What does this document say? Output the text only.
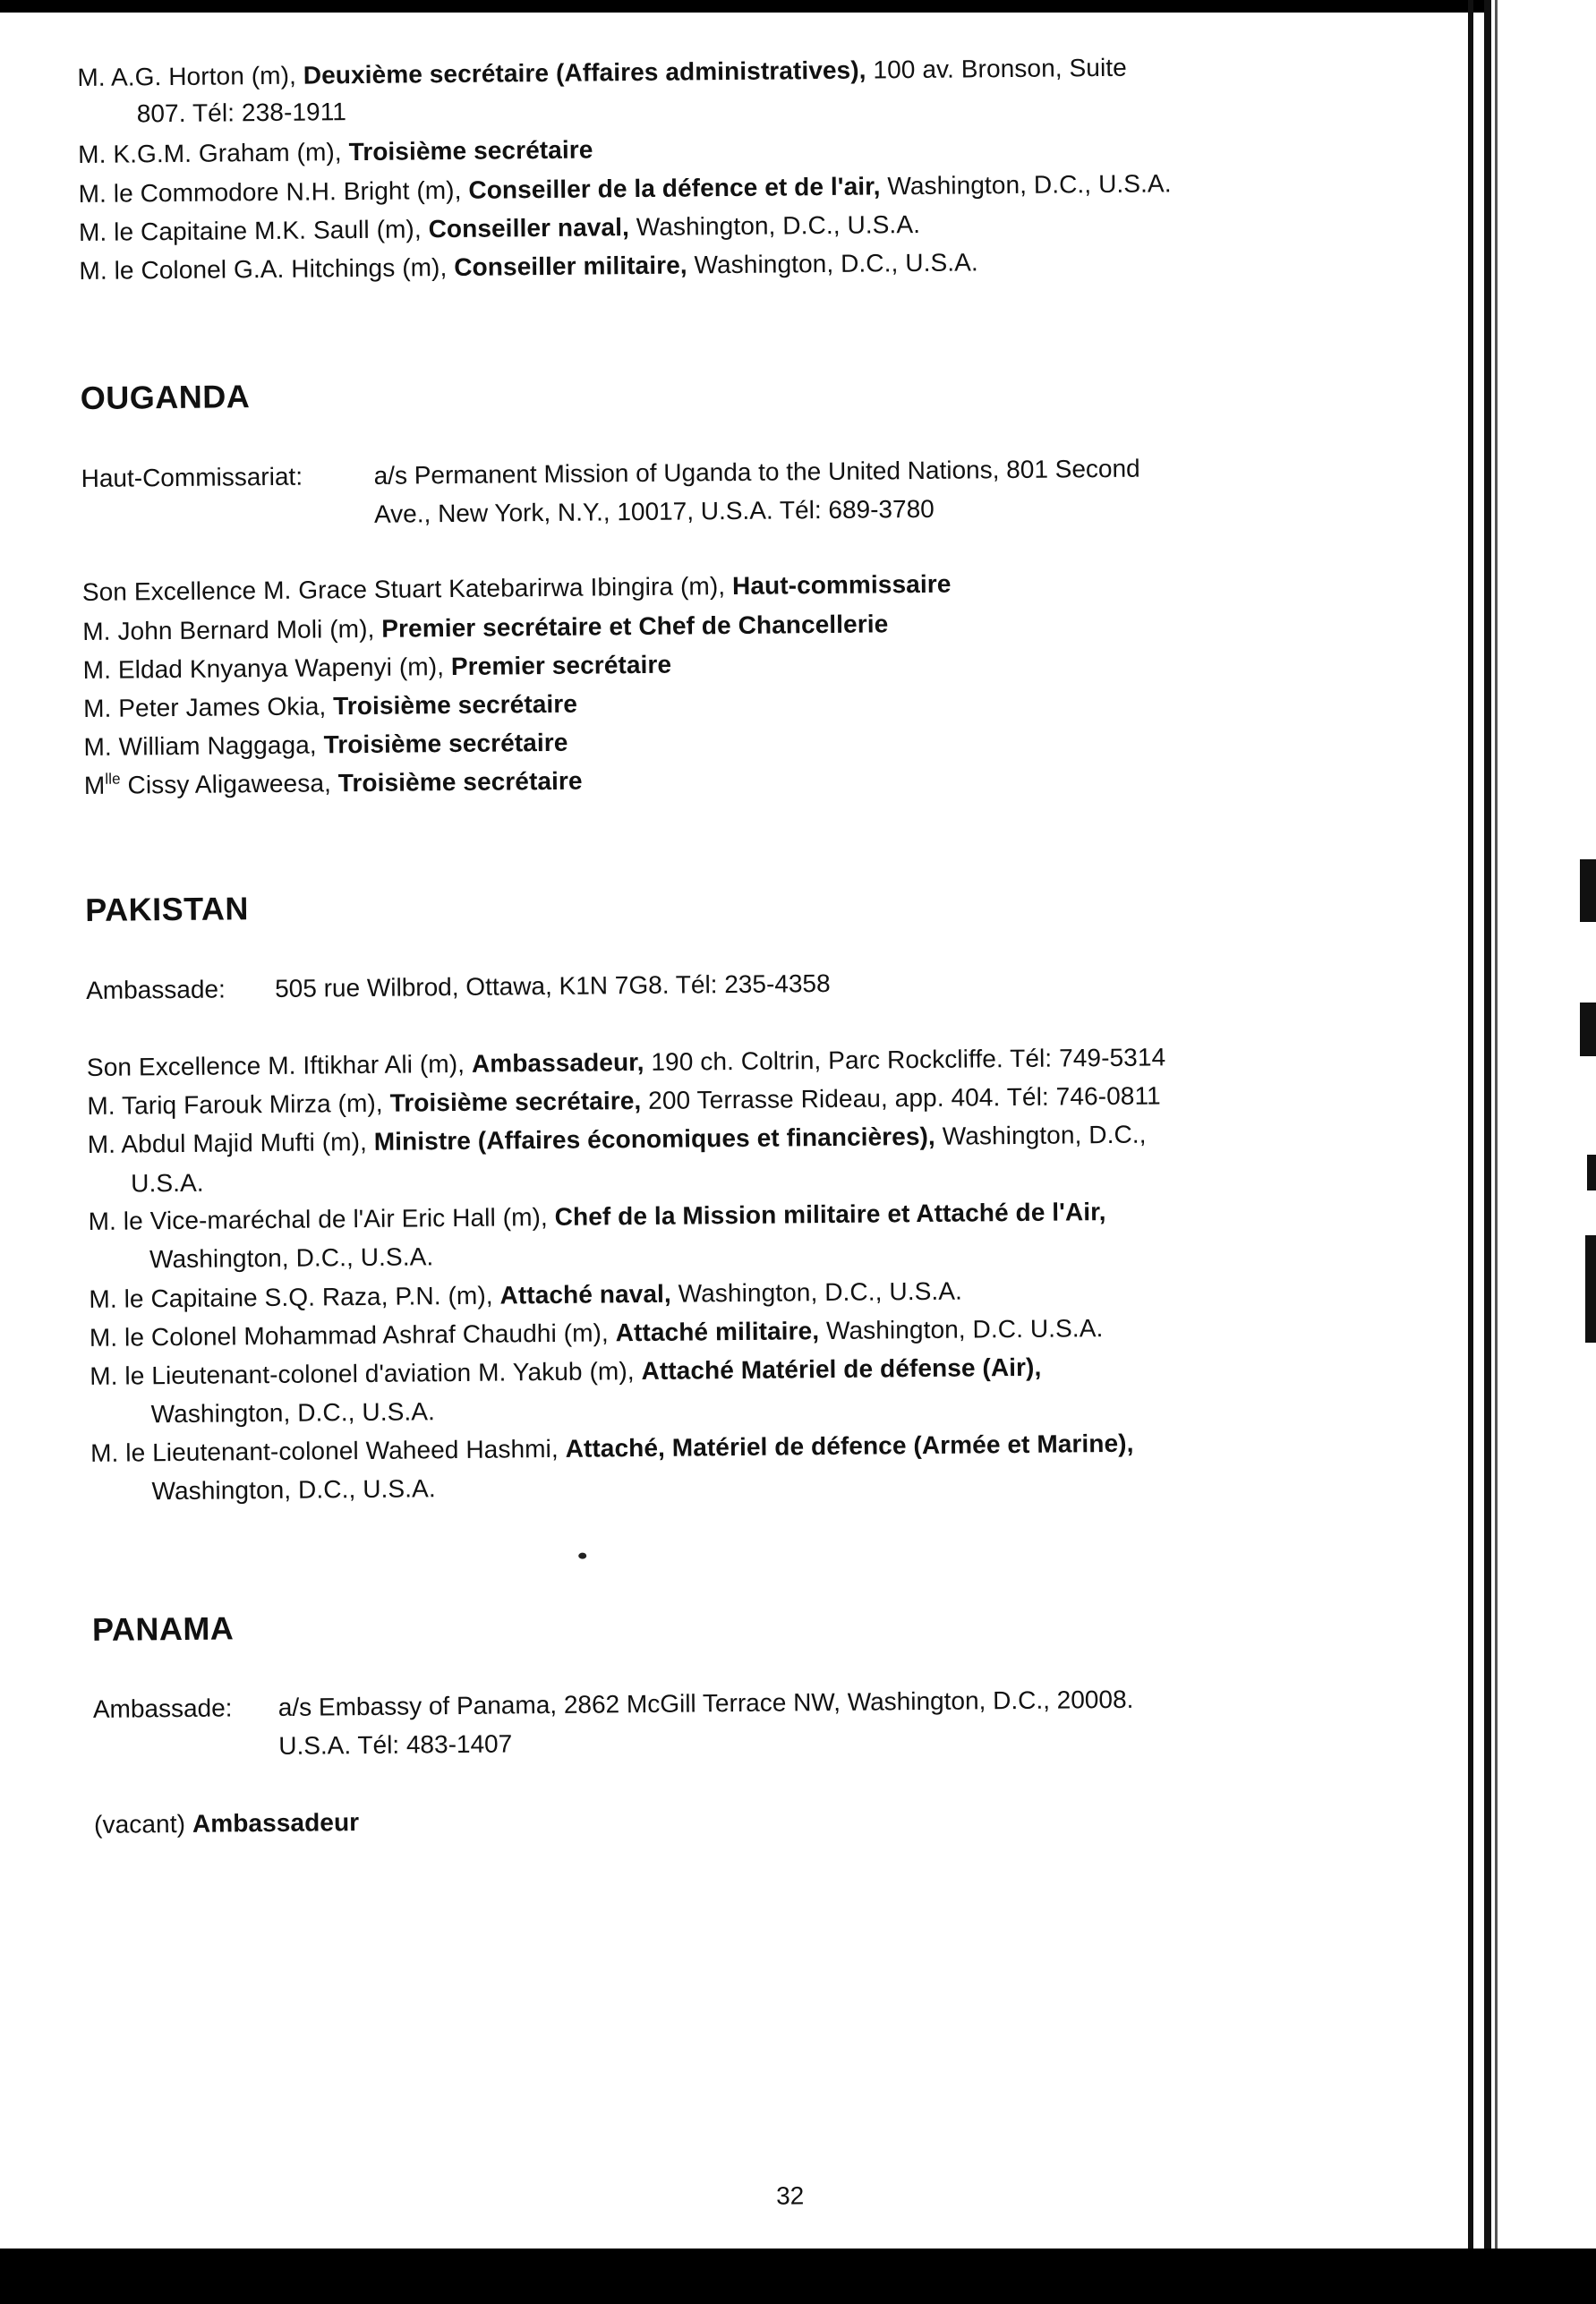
M. A.G. Horton (m), Deuxième secrétaire (Affaires administratives), 100 av. Bronson, Suite
807. Tél: 238-1911
M. K.G.M. Graham (m), Troisième secrétaire
M. le Commodore N.H. Bright (m), Conseiller de la défence et de l'air, Washington, D.C., U.S.A.
M. le Capitaine M.K. Saull (m), Conseiller naval, Washington, D.C., U.S.A.
M. le Colonel G.A. Hitchings (m), Conseiller militaire, Washington, D.C., U.S.A.
OUGANDA
Haut-Commissariat:	a/s Permanent Mission of Uganda to the United Nations, 801 Second
Ave., New York, N.Y., 10017, U.S.A. Tél: 689-3780
Son Excellence M. Grace Stuart Katebarirwa Ibingira (m), Haut-commissaire
M. John Bernard Moli (m), Premier secrétaire et Chef de Chancellerie
M. Eldad Knyanya Wapenyi (m), Premier secrétaire
M. Peter James Okia, Troisième secrétaire
M. William Naggaga, Troisième secrétaire
$M^{lle}$ Cissy Aligaweesa, Troisième secrétaire
PAKISTAN
Ambassade: 505 rue Wilbrod, Ottawa, K1N 7G8. Tél: 235-4358
Son Excellence M. Iftikhar Ali (m), Ambassadeur, 190 ch. Coltrin, Parc Rockcliffe. Tél: 749-5314
M. Tariq Farouk Mirza (m), Troisième secrétaire, 200 Terrasse Rideau, app. 404. Tél: 746-0811
M. Abdul Majid Mufti (m), Ministre (Affaires économiques et financières), Washington, D.C.,
U.S.A.
M. le Vice-maréchal de l'Air Eric Hall (m), Chef de la Mission militaire et Attaché de l'Air,
Washington, D.C., U.S.A.
M. le Capitaine S.Q. Raza, P.N. (m), Attaché naval, Washington, D.C., U.S.A.
M. le Colonel Mohammad Ashraf Chaudhi (m), Attaché militaire, Washington, D.C. U.S.A.
M. le Lieutenant-colonel d'aviation M. Yakub (m), Attaché Matériel de défense (Air),
Washington, D.C., U.S.A.
M. le Lieutenant-colonel Waheed Hashmi, Attaché, Matériel de défence (Armée et Marine),
Washington, D.C., U.S.A.
PANAMA
Ambassade: a/s Embassy of Panama, 2862 McGill Terrace NW, Washington, D.C., 20008.
U.S.A. Tél: 483-1407
(vacant) Ambassadeur
32
